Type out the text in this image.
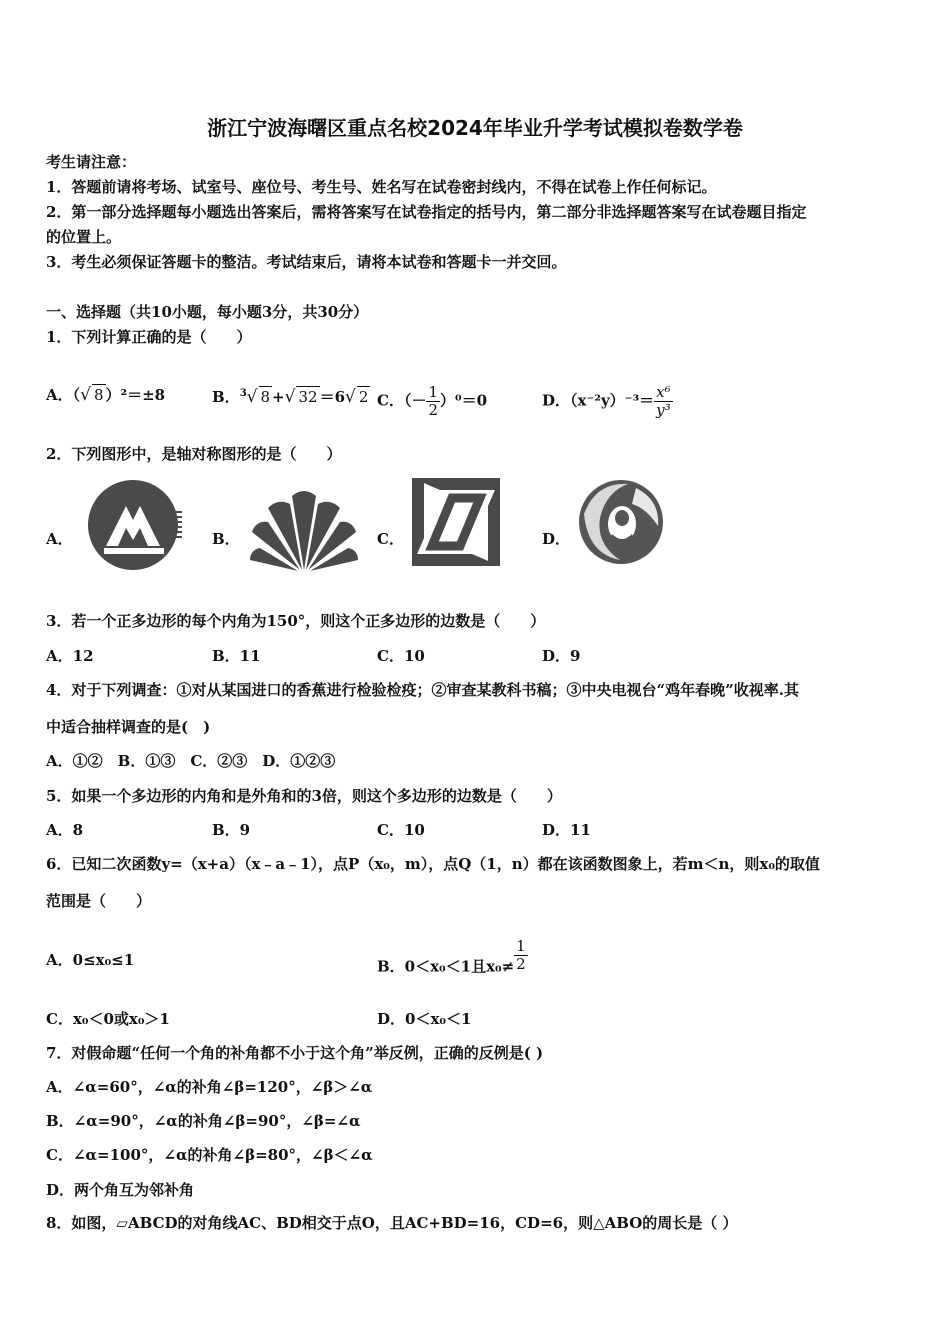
浙江宁波海曙区重点名校2024年毕业升学考试模拟卷数学卷
考生请注意：
1．答题前请将考场、试室号、座位号、考生号、姓名写在试卷密封线内，不得在试卷上作任何标记。
2．第一部分选择题每小题选出答案后，需将答案写在试卷指定的括号内，第二部分非选择题答案写在试卷题目指定
的位置上。
3．考生必须保证答题卡的整洁。考试结束后，请将本试卷和答题卡一并交回。
一、选择题（共10小题，每小题3分，共30分）
1．下列计算正确的是（　　）
A．（√ 8 ）²＝±8	B．$^3$√ 8 +√ 32 ＝6√ 2 C．（－ $\frac{1}{2} )^0=0$	D．$(x^{-2}y)^{-3}= \frac{\text{x⁶}}{\text{y³}}$
2．下列图形中，是轴对称图形的是（　　）
A．	B．	C．	D．
3．若一个正多边形的每个内角为150°，则这个正多边形的边数是（　　）
A．12	B．11	C．10	D．9
4．对于下列调查：①对从某国进口的香蕉进行检验检疫；②审查某教科书稿；③中央电视台“鸡年春晚”收视率.其
中适合抽样调查的是(　)
A．①②　B．①③　C．②③　D．①②③
5．如果一个多边形的内角和是外角和的3倍，则这个多边形的边数是（　　）
A．8	B．9	C．10	D．11
6．已知二次函数y=（x+a）（x﹣a﹣1），点P（x₀，m），点Q（1，n）都在该函数图象上，若m＜n，则x₀的取值
范围是（　　）
A．0≤x₀≤1	B．0＜x₀＜1且$x_0\ne \frac{1}{2}$
C．x₀＜0或x₀＞1	D．0＜x₀＜1
7．对假命题“任何一个角的补角都不小于这个角”举反例，正确的反例是( )
A．∠α=60°，∠α的补角∠β=120°，∠β＞∠α
B．∠α=90°，∠α的补角∠β=90°，∠β=∠α
C．∠α=100°，∠α的补角∠β=80°，∠β＜∠α
D．两个角互为邻补角
8．如图，▱ABCD的对角线AC、BD相交于点O，且AC+BD=16，CD=6，则△ABO的周长是（ ）
